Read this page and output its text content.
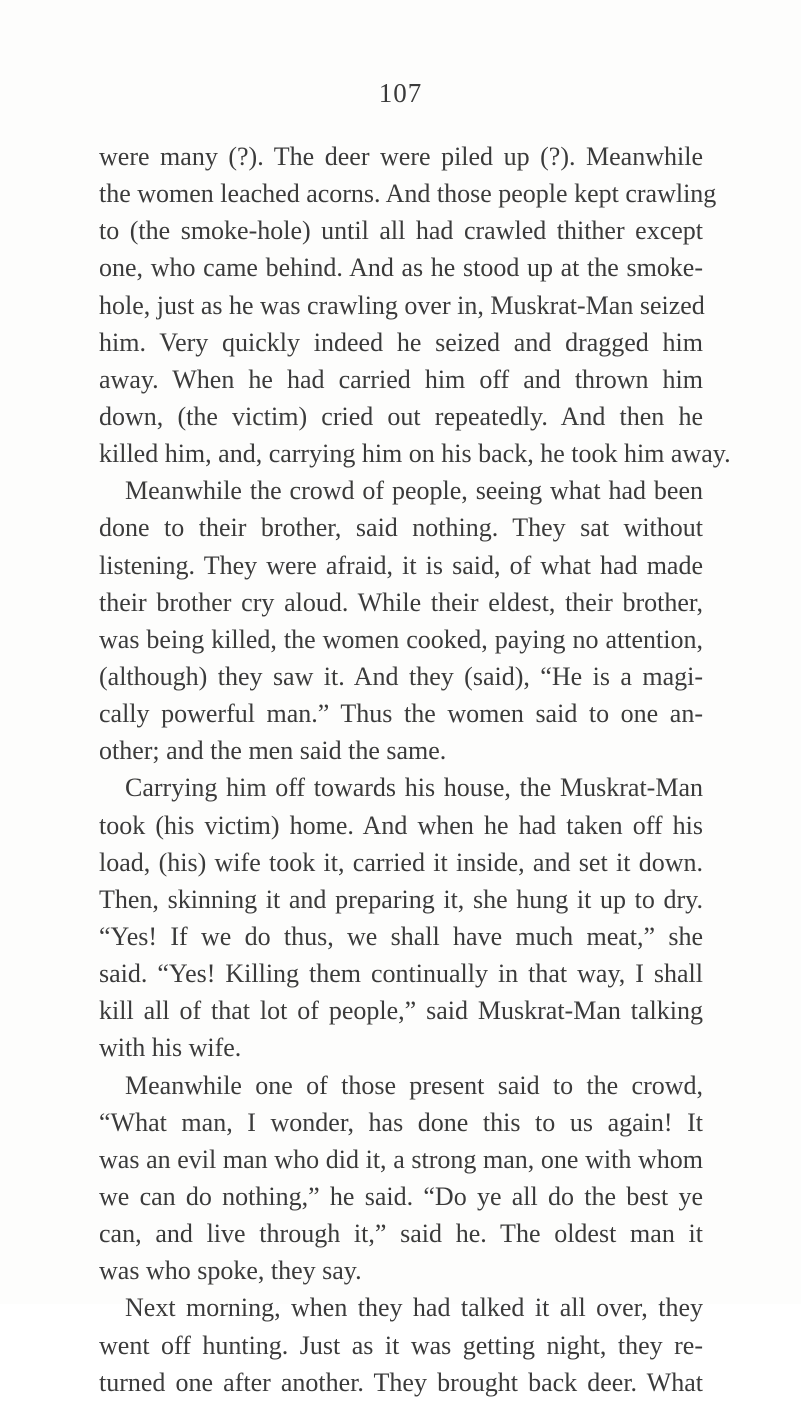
107
were many (?). The deer were piled up (?). Meanwhile
the women leached acorns. And those people kept crawling
to (the smoke-hole) until all had crawled thither except
one, who came behind. And as he stood up at the smoke-
hole, just as he was crawling over in, Muskrat-Man seized
him. Very quickly indeed he seized and dragged him
away. When he had carried him off and thrown him
down, (the victim) cried out repeatedly. And then he
killed him, and, carrying him on his back, he took him away.
Meanwhile the crowd of people, seeing what had been
done to their brother, said nothing. They sat without
listening. They were afraid, it is said, of what had made
their brother cry aloud. While their eldest, their brother,
was being killed, the women cooked, paying no attention,
(although) they saw it. And they (said), “He is a magi-
cally powerful man.” Thus the women said to one an-
other; and the men said the same.
Carrying him off towards his house, the Muskrat-Man
took (his victim) home. And when he had taken off his
load, (his) wife took it, carried it inside, and set it down.
Then, skinning it and preparing it, she hung it up to dry.
“Yes! If we do thus, we shall have much meat,” she
said. “Yes! Killing them continually in that way, I shall
kill all of that lot of people,” said Muskrat-Man talking
with his wife.
Meanwhile one of those present said to the crowd,
“What man, I wonder, has done this to us again! It
was an evil man who did it, a strong man, one with whom
we can do nothing,” he said. “Do ye all do the best ye
can, and live through it,” said he. The oldest man it
was who spoke, they say.
Next morning, when they had talked it all over, they
went off hunting. Just as it was getting night, they re-
turned one after another. They brought back deer. What
